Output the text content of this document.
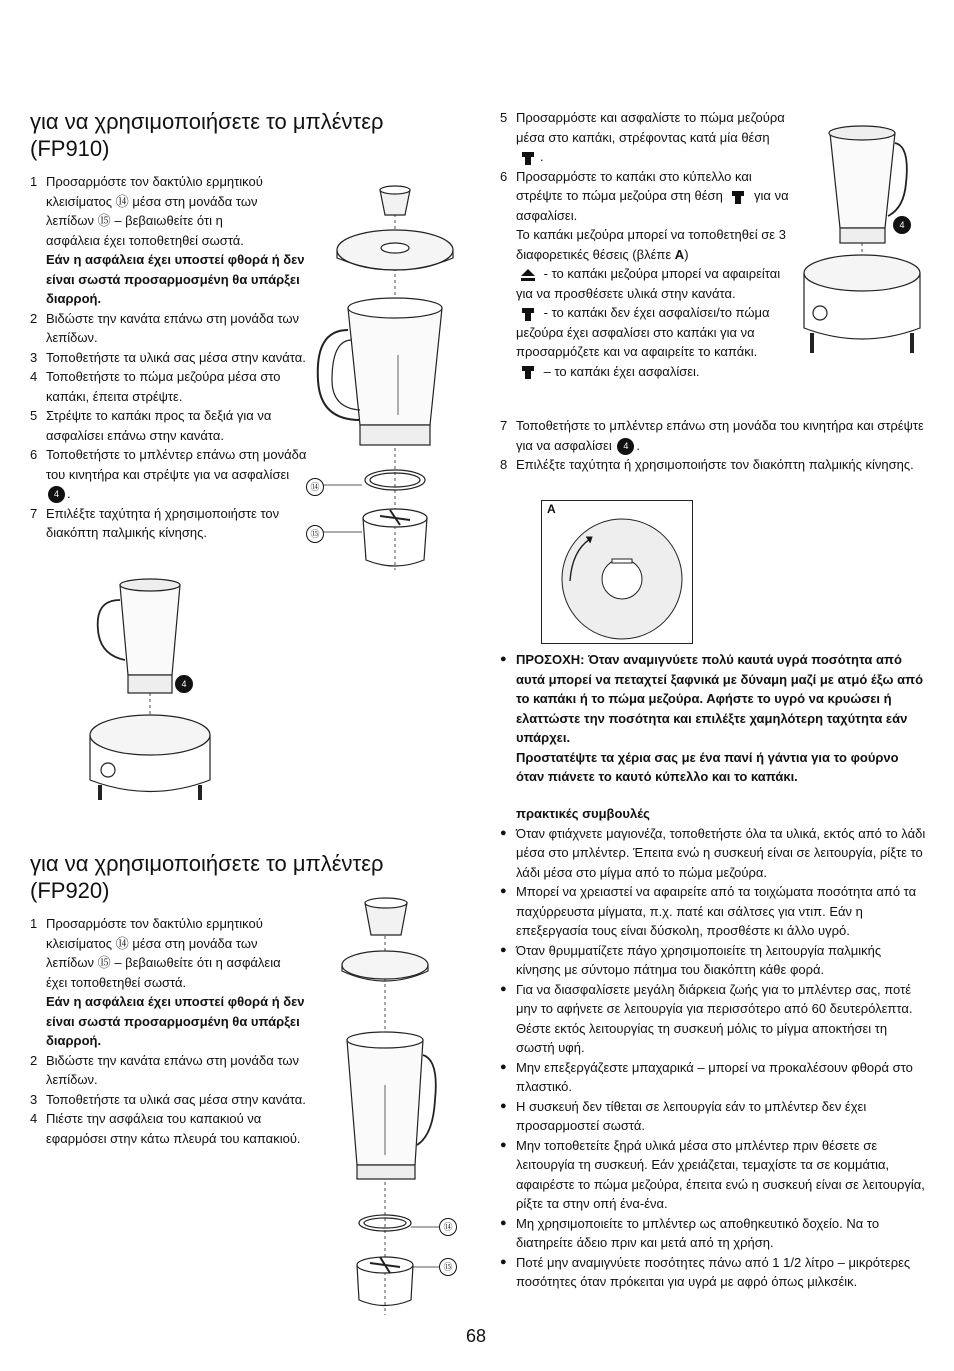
για να χρησιμοποιήσετε το μπλέντερ
(FP910)
1 Προσαρμόστε τον δακτύλιο ερμητικού
κλεισίματος ⑭ μέσα στη μονάδα των
λεπίδων ⑮ – βεβαιωθείτε ότι η
ασφάλεια έχει τοποθετηθεί σωστά.
Εάν η ασφάλεια έχει υποστεί φθορά ή δεν είναι σωστά προσαρμοσμένη θα υπάρξει διαρροή.
2 Βιδώστε την κανάτα επάνω στη μονάδα των λεπίδων.
3 Τοποθετήστε τα υλικά σας μέσα στην κανάτα.
4 Τοποθετήστε το πώμα μεζούρα μέσα στο καπάκι, έπειτα στρέψτε.
5 Στρέψτε το καπάκι προς τα δεξιά για να ασφαλίσει επάνω στην κανάτα.
6 Τοποθετήστε το μπλέντερ επάνω στη μονάδα του κινητήρα και στρέψτε για να ασφαλίσει 4 .
7 Επιλέξτε ταχύτητα ή χρησιμοποιήστε τον διακόπτη παλμικής κίνησης.
⑭
⑮
4
για να χρησιμοποιήσετε το μπλέντερ
(FP920)
1 Προσαρμόστε τον δακτύλιο ερμητικού
κλεισίματος ⑭ μέσα στη μονάδα των
λεπίδων ⑮ – βεβαιωθείτε ότι η ασφάλεια
έχει τοποθετηθεί σωστά.
Εάν η ασφάλεια έχει υποστεί φθορά ή δεν είναι σωστά προσαρμοσμένη θα υπάρξει διαρροή.
2 Βιδώστε την κανάτα επάνω στη μονάδα των λεπίδων.
3 Τοποθετήστε τα υλικά σας μέσα στην κανάτα.
4 Πιέστε την ασφάλεια του καπακιού να εφαρμόσει στην κάτω πλευρά του καπακιού.
⑭
⑮
5 Προσαρμόστε και ασφαλίστε το πώμα μεζούρα μέσα στο καπάκι, στρέφοντας κατά μία θέση .
6 Προσαρμόστε το καπάκι στο κύπελλο και στρέψτε το πώμα μεζούρα στη θέση για να ασφαλίσει.
Το καπάκι μεζούρα μπορεί να τοποθετηθεί σε 3 διαφορετικές θέσεις (βλέπε A)
- το καπάκι μεζούρα μπορεί να αφαιρείται για να προσθέσετε υλικά στην κανάτα.
- το καπάκι δεν έχει ασφαλίσει/το πώμα μεζούρα έχει ασφαλίσει στο καπάκι για να προσαρμόζετε και να αφαιρείτε το καπάκι.
– το καπάκι έχει ασφαλίσει.
7 Τοποθετήστε το μπλέντερ επάνω στη μονάδα του κινητήρα και στρέψτε για να ασφαλίσει 4 .
8 Επιλέξτε ταχύτητα ή χρησιμοποιήστε τον διακόπτη παλμικής κίνησης.
4
A
● ΠΡΟΣΟΧΗ: Όταν αναμιγνύετε πολύ καυτά υγρά ποσότητα από αυτά μπορεί να πεταχτεί ξαφνικά με δύναμη μαζί με ατμό έξω από το καπάκι ή το πώμα μεζούρα. Αφήστε το υγρό να κρυώσει ή ελαττώστε την ποσότητα και επιλέξτε χαμηλότερη ταχύτητα εάν υπάρχει.
Προστατέψτε τα χέρια σας με ένα πανί ή γάντια για το φούρνο όταν πιάνετε το καυτό κύπελλο και το καπάκι.
πρακτικές συμβουλές
● Όταν φτιάχνετε μαγιονέζα, τοποθετήστε όλα τα υλικά, εκτός από το λάδι μέσα στο μπλέντερ. Έπειτα ενώ η συσκευή είναι σε λειτουργία, ρίξτε το λάδι μέσα στο μίγμα από το πώμα μεζούρα.
● Μπορεί να χρειαστεί να αφαιρείτε από τα τοιχώματα ποσότητα από τα παχύρρευστα μίγματα, π.χ. πατέ και σάλτσες για ντιπ. Εάν η επεξεργασία τους είναι δύσκολη, προσθέστε κι άλλο υγρό.
● Όταν θρυμματίζετε πάγο χρησιμοποιείτε τη λειτουργία παλμικής κίνησης με σύντομο πάτημα του διακόπτη κάθε φορά.
● Για να διασφαλίσετε μεγάλη διάρκεια ζωής για το μπλέντερ σας, ποτέ μην το αφήνετε σε λειτουργία για περισσότερο από 60 δευτερόλεπτα. Θέστε εκτός λειτουργίας τη συσκευή μόλις το μίγμα αποκτήσει τη σωστή υφή.
● Μην επεξεργάζεστε μπαχαρικά – μπορεί να προκαλέσουν φθορά στο πλαστικό.
● Η συσκευή δεν τίθεται σε λειτουργία εάν το μπλέντερ δεν έχει προσαρμοστεί σωστά.
● Μην τοποθετείτε ξηρά υλικά μέσα στο μπλέντερ πριν θέσετε σε λειτουργία τη συσκευή. Εάν χρειάζεται, τεμαχίστε τα σε κομμάτια, αφαιρέστε το πώμα μεζούρα, έπειτα ενώ η συσκευή είναι σε λειτουργία, ρίξτε τα στην οπή ένα-ένα.
● Μη χρησιμοποιείτε το μπλέντερ ως αποθηκευτικό δοχείο. Να το διατηρείτε άδειο πριν και μετά από τη χρήση.
● Ποτέ μην αναμιγνύετε ποσότητες πάνω από 1 1/2 λίτρο – μικρότερες ποσότητες όταν πρόκειται για υγρά με αφρό όπως μιλκσέικ.
68
